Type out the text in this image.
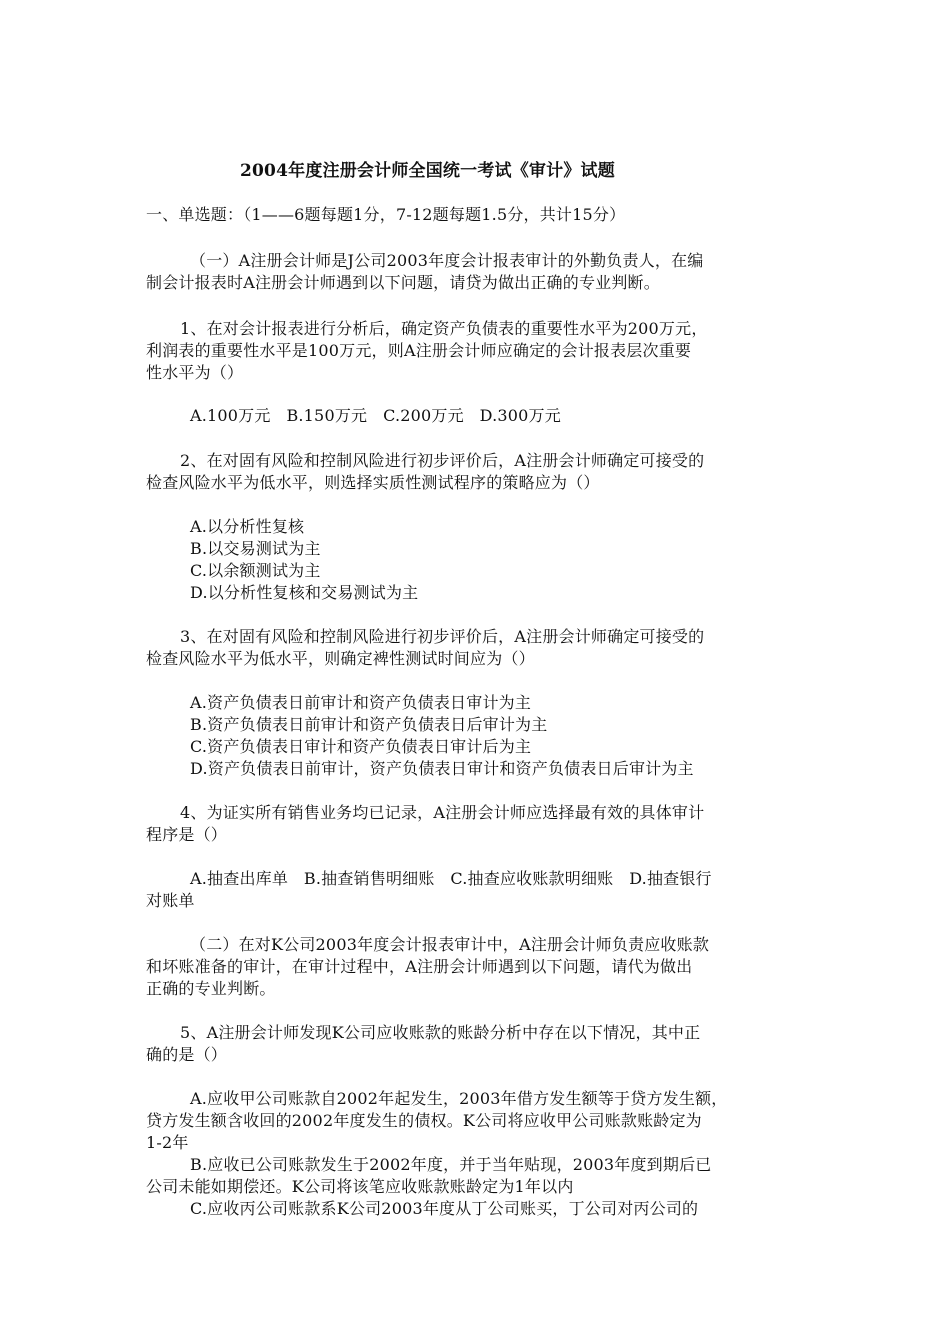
2004年度注册会计师全国统一考试《审计》试题
一、单选题：（1——6题每题1分，7-12题每题1.5分，共计15分）
（一）A注册会计师是J公司2003年度会计报表审计的外勤负责人，在编
制会计报表时A注册会计师遇到以下问题，请贷为做出正确的专业判断。
1、在对会计报表进行分析后，确定资产负债表的重要性水平为200万元，
利润表的重要性水平是100万元，则A注册会计师应确定的会计报表层次重要
性水平为（）
A.100万元   B.150万元   C.200万元   D.300万元
2、在对固有风险和控制风险进行初步评价后，A注册会计师确定可接受的
检查风险水平为低水平，则选择实质性测试程序的策略应为（）
A.以分析性复核
B.以交易测试为主
C.以余额测试为主
D.以分析性复核和交易测试为主
3、在对固有风险和控制风险进行初步评价后，A注册会计师确定可接受的
检查风险水平为低水平，则确定裨性测试时间应为（）
A.资产负债表日前审计和资产负债表日审计为主
B.资产负债表日前审计和资产负债表日后审计为主
C.资产负债表日审计和资产负债表日审计后为主
D.资产负债表日前审计，资产负债表日审计和资产负债表日后审计为主
4、为证实所有销售业务均已记录，A注册会计师应选择最有效的具体审计
程序是（）
A.抽查出库单   B.抽查销售明细账   C.抽查应收账款明细账   D.抽查银行
对账单
（二）在对K公司2003年度会计报表审计中，A注册会计师负责应收账款
和坏账准备的审计，在审计过程中，A注册会计师遇到以下问题，请代为做出
正确的专业判断。
5、A注册会计师发现K公司应收账款的账龄分析中存在以下情况，其中正
确的是（）
A.应收甲公司账款自2002年起发生，2003年借方发生额等于贷方发生额，
贷方发生额含收回的2002年度发生的债权。K公司将应收甲公司账款账龄定为
1-2年
B.应收已公司账款发生于2002年度，并于当年贴现，2003年度到期后已
公司未能如期偿还。K公司将该笔应收账款账龄定为1年以内
C.应收丙公司账款系K公司2003年度从丁公司账买，丁公司对丙公司的
